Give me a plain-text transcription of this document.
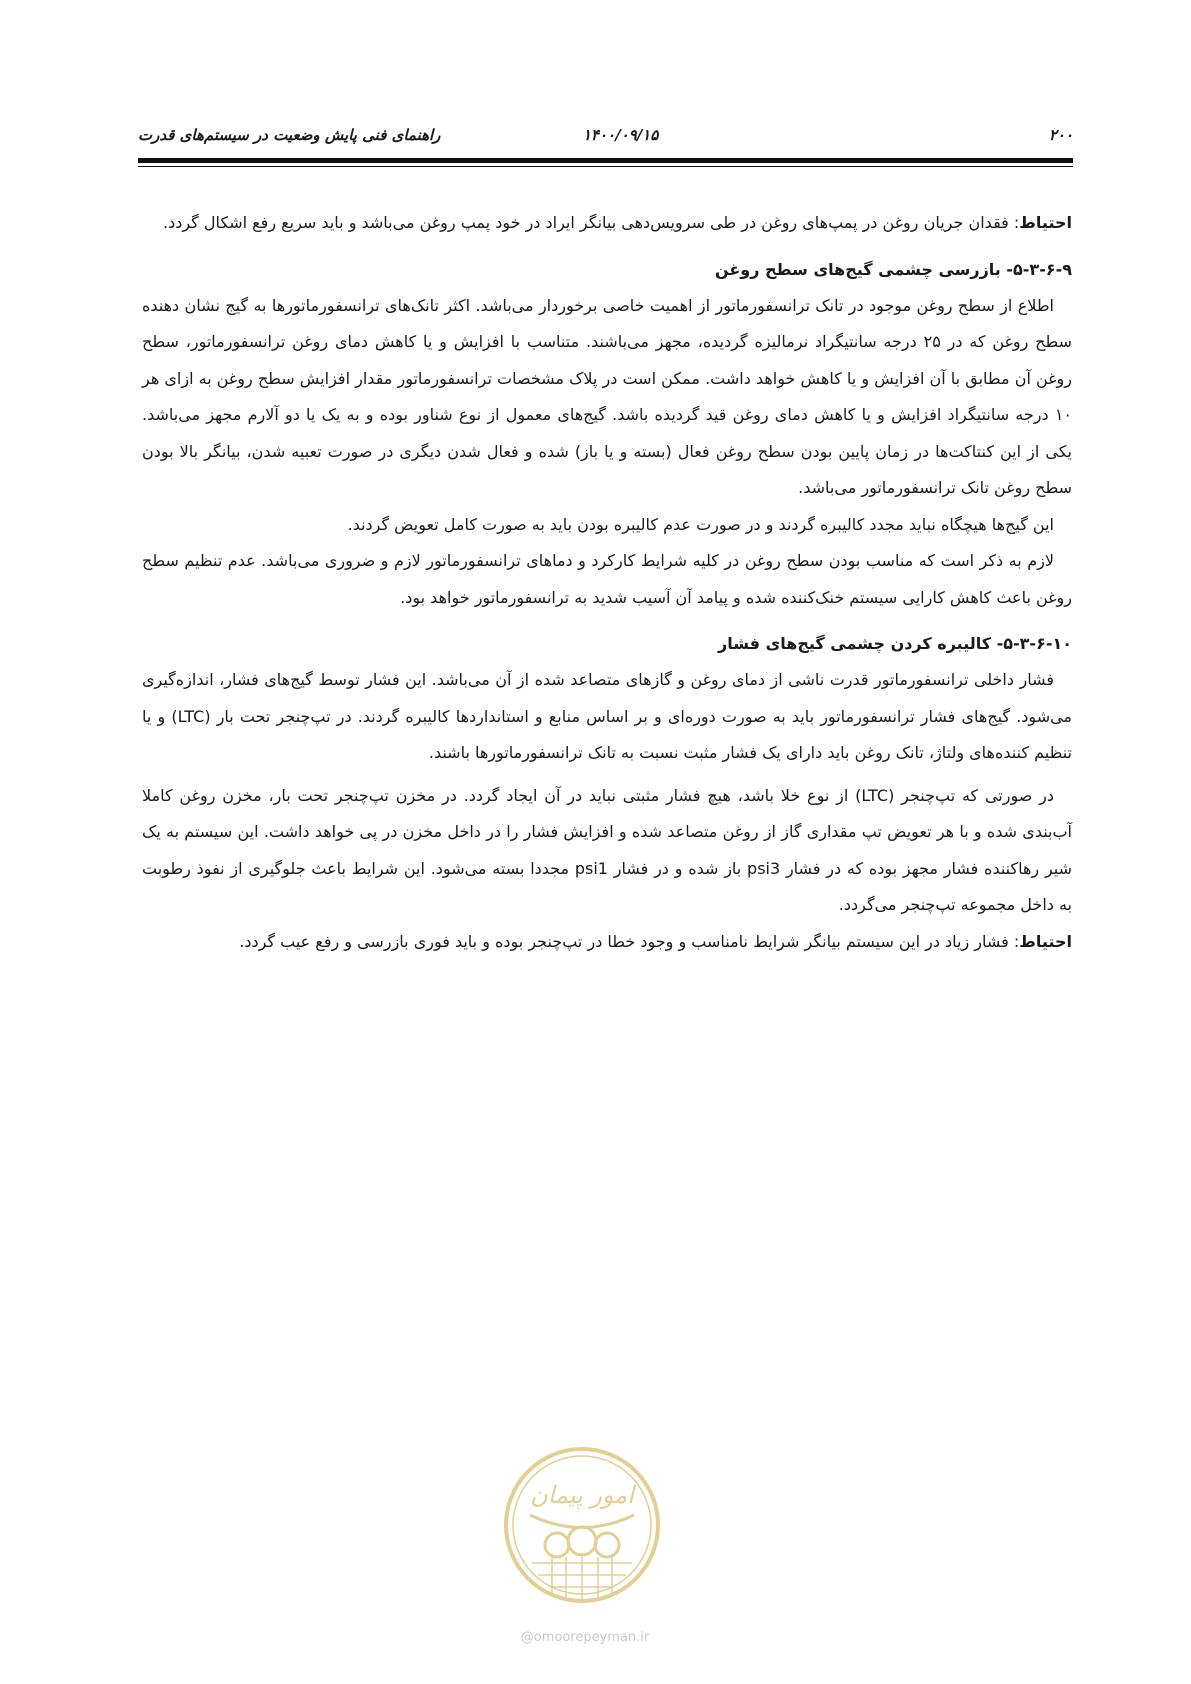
۲۰۰
۱۴۰۰/۰۹/۱۵
راهنمای فنی پایش وضعیت در سیستم‌های قدرت

احتیاط: فقدان جریان روغن در پمپ‌های روغن در طی سرویس‌دهی بیانگر ایراد در خود پمپ روغن می‌باشد و باید سریع رفع اشکال گردد.

۵-۳-۶-۹- بازرسی چشمی گیج‌های سطح روغن

اطلاع از سطح روغن موجود در تانک ترانسفورماتور از اهمیت خاصی برخوردار می‌باشد. اکثر تانک‌های ترانسفورماتورها به گیج نشان دهنده سطح روغن که در ۲۵ درجه سانتیگراد نرمالیزه گردیده، مجهز می‌باشند. متناسب با افزایش و یا کاهش دمای روغن ترانسفورماتور، سطح روغن آن مطابق با آن افزایش و یا کاهش خواهد داشت. ممکن است در پلاک مشخصات ترانسفورماتور مقدار افزایش سطح روغن به ازای هر ۱۰ درجه سانتیگراد افزایش و یا کاهش دمای روغن قید گردیده باشد. گیج‌های معمول از نوع شناور بوده و به یک یا دو آلارم مجهز می‌باشد. یکی از این کنتاکت‌ها در زمان پایین بودن سطح روغن فعال (بسته و یا باز) شده و فعال شدن دیگری در صورت تعبیه شدن، بیانگر بالا بودن سطح روغن تانک ترانسفورماتور می‌باشد.

این گیج‌ها هیچگاه نباید مجدد کالیبره گردند و در صورت عدم کالیبره بودن باید به صورت کامل تعویض گردند.

لازم به ذکر است که مناسب بودن سطح روغن در کلیه شرایط کارکرد و دماهای ترانسفورماتور لازم و ضروری می‌باشد. عدم تنظیم سطح روغن باعث کاهش کارایی سیستم خنک‌کننده شده و پیامد آن آسیب شدید به ترانسفورماتور خواهد بود.

۵-۳-۶-۱۰- کالیبره کردن چشمی گیج‌های فشار

فشار داخلی ترانسفورماتور قدرت ناشی از دمای روغن و گازهای متصاعد شده از آن می‌باشد. این فشار توسط گیج‌های فشار، اندازه‌گیری می‌شود. گیج‌های فشار ترانسفورماتور باید به صورت دوره‌ای و بر اساس منابع و استانداردها کالیبره گردند. در تپ‌چنجر تحت بار (LTC) و یا تنظیم کننده‌های ولتاژ، تانک روغن باید دارای یک فشار مثبت نسبت به تانک ترانسفورماتورها باشند.

در صورتی که تپ‌چنجر (LTC) از نوع خلا باشد، هیچ فشار مثبتی نباید در آن ایجاد گردد. در مخزن تپ‌چنجر تحت بار، مخزن روغن کاملا آب‌بندی شده و با هر تعویض تپ مقداری گاز از روغن متصاعد شده و افزایش فشار را در داخل مخزن در پی خواهد داشت. این سیستم به یک شیر رهاکننده فشار مجهز بوده که در فشار psi3 باز شده و در فشار psi1 مجددا بسته می‌شود. این شرایط باعث جلوگیری از نفوذ رطوبت به داخل مجموعه تپ‌چنجر می‌گردد.

احتیاط: فشار زیاد در این سیستم بیانگر شرایط نامناسب و وجود خطا در تپ‌چنجر بوده و باید فوری بازرسی و رفع عیب گردد.

امور پیمان
@omoorepeyman.ir
